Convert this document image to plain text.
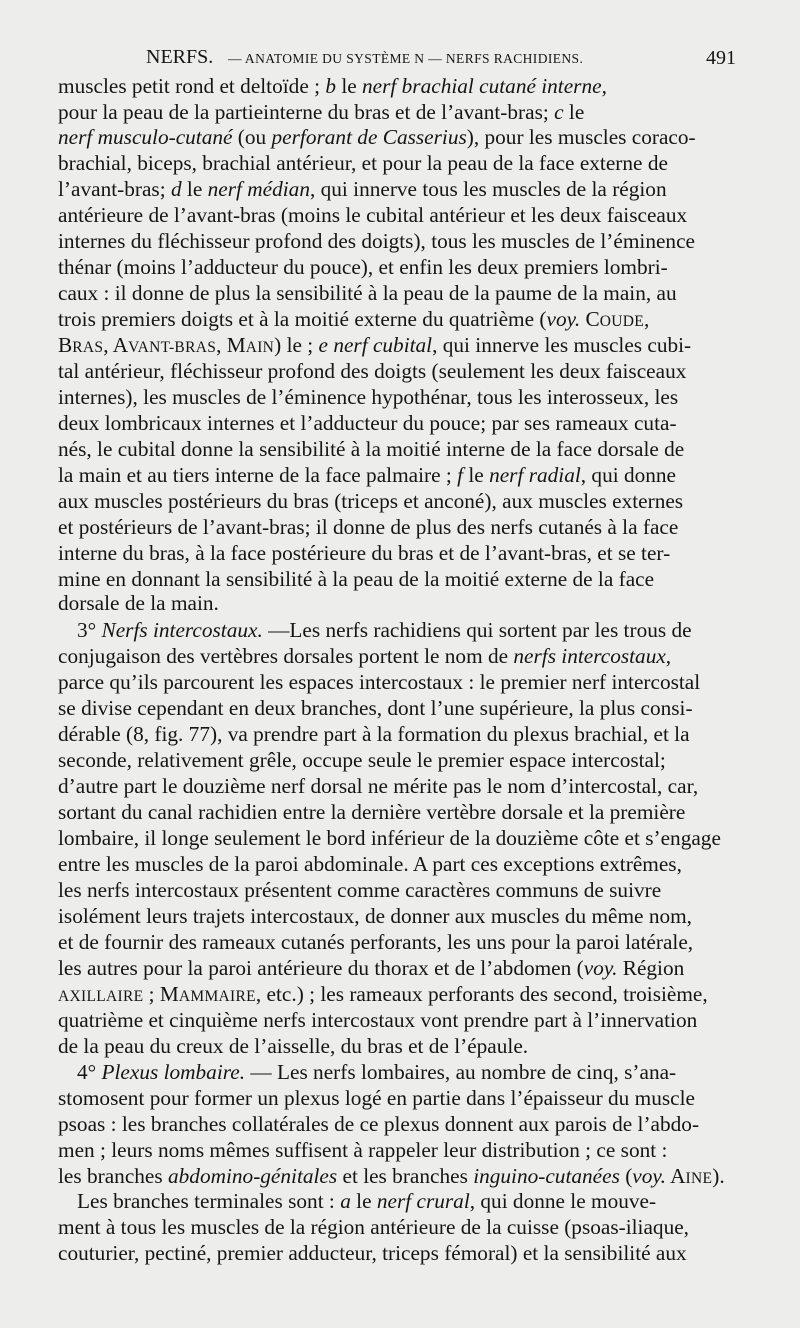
NERFS. — ANATOMIE DU SYSTÈME N — NERFS RACHIDIENS.	491
muscles petit rond et deltoïde ; b le nerf brachial cutané interne,
pour la peau de la partieinterne du bras et de l’avant-bras; c le
nerf musculo-cutané (ou perforant de Casserius), pour les muscles coraco-
brachial, biceps, brachial antérieur, et pour la peau de la face externe de
l’avant-bras; d le nerf médian, qui innerve tous les muscles de la région
antérieure de l’avant-bras (moins le cubital antérieur et les deux faisceaux
internes du fléchisseur profond des doigts), tous les muscles de l’éminence
thénar (moins l’adducteur du pouce), et enfin les deux premiers lombri-
caux : il donne de plus la sensibilité à la peau de la paume de la main, au
trois premiers doigts et à la moitié externe du quatrième (voy. COUDE,
BRAS, AVANT-BRAS, MAIN) le ; e nerf cubital, qui innerve les muscles cubi-
tal antérieur, fléchisseur profond des doigts (seulement les deux faisceaux
internes), les muscles de l’éminence hypothénar, tous les interosseux, les
deux lombricaux internes et l’adducteur du pouce; par ses rameaux cuta-
nés, le cubital donne la sensibilité à la moitié interne de la face dorsale de
la main et au tiers interne de la face palmaire ; f le nerf radial, qui donne
aux muscles postérieurs du bras (triceps et anconé), aux muscles externes
et postérieurs de l’avant-bras; il donne de plus des nerfs cutanés à la face
interne du bras, à la face postérieure du bras et de l’avant-bras, et se ter-
mine en donnant la sensibilité à la peau de la moitié externe de la face
dorsale de la main.
3° Nerfs intercostaux. —Les nerfs rachidiens qui sortent par les trous de
conjugaison des vertèbres dorsales portent le nom de nerfs intercostaux,
parce qu’ils parcourent les espaces intercostaux : le premier nerf intercostal
se divise cependant en deux branches, dont l’une supérieure, la plus consi-
dérable (8, fig. 77), va prendre part à la formation du plexus brachial, et la
seconde, relativement grêle, occupe seule le premier espace intercostal;
d’autre part le douzième nerf dorsal ne mérite pas le nom d’intercostal, car,
sortant du canal rachidien entre la dernière vertèbre dorsale et la première
lombaire, il longe seulement le bord inférieur de la douzième côte et s’engage
entre les muscles de la paroi abdominale. A part ces exceptions extrêmes,
les nerfs intercostaux présentent comme caractères communs de suivre
isolément leurs trajets intercostaux, de donner aux muscles du même nom,
et de fournir des rameaux cutanés perforants, les uns pour la paroi latérale,
les autres pour la paroi antérieure du thorax et de l’abdomen (voy. Région
AXILLAIRE ; MAMMAIRE, etc.) ; les rameaux perforants des second, troisième,
quatrième et cinquième nerfs intercostaux vont prendre part à l’innervation
de la peau du creux de l’aisselle, du bras et de l’épaule.
4° Plexus lombaire. — Les nerfs lombaires, au nombre de cinq, s’ana-
stomosent pour former un plexus logé en partie dans l’épaisseur du muscle
psoas : les branches collatérales de ce plexus donnent aux parois de l’abdo-
men ; leurs noms mêmes suffisent à rappeler leur distribution ; ce sont :
les branches abdomino-génitales et les branches inguino-cutanées (voy. AINE).
Les branches terminales sont : a le nerf crural, qui donne le mouve-
ment à tous les muscles de la région antérieure de la cuisse (psoas-iliaque,
couturier, pectiné, premier adducteur, triceps fémoral) et la sensibilité aux
